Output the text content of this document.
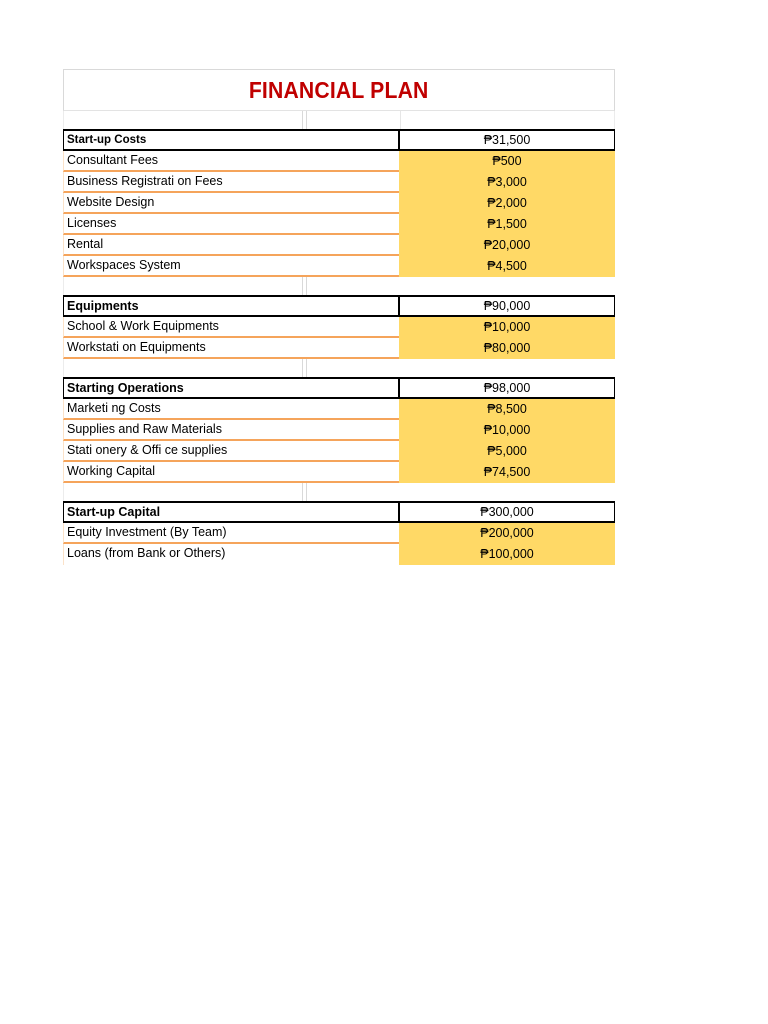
FINANCIAL PLAN
Start-up Costs	₱31,500
Consultant Fees	₱500
Business Registrati on Fees	₱3,000
Website Design	₱2,000
Licenses	₱1,500
Rental	₱20,000
Workspaces System	₱4,500
Equipments	₱90,000
School & Work Equipments	₱10,000
Workstati on Equipments	₱80,000
Starting Operations	₱98,000
Marketi ng Costs	₱8,500
Supplies and Raw Materials	₱10,000
Stati onery & Offi ce supplies	₱5,000
Working Capital	₱74,500
Start-up Capital	₱300,000
Equity Investment (By Team)	₱200,000
Loans (from Bank or Others)	₱100,000
